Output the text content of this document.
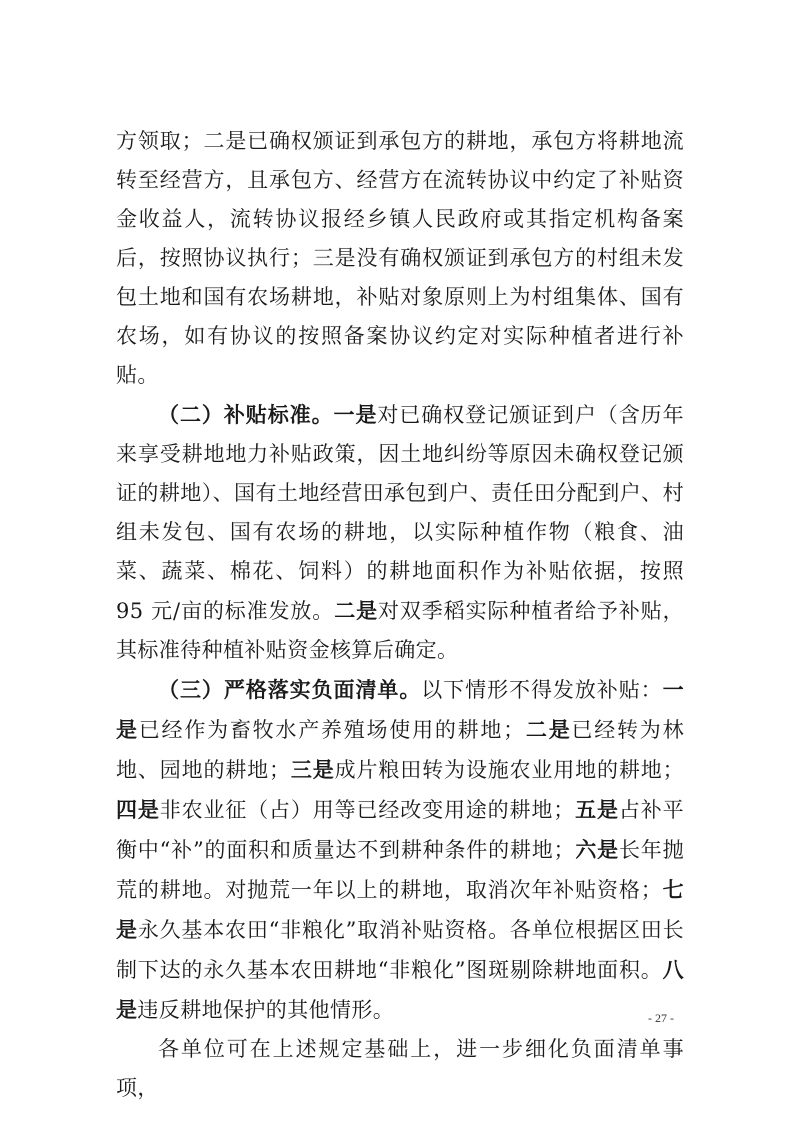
方领取；二是已确权颁证到承包方的耕地，承包方将耕地流转至经营方，且承包方、经营方在流转协议中约定了补贴资金收益人，流转协议报经乡镇人民政府或其指定机构备案后，按照协议执行；三是没有确权颁证到承包方的村组未发包土地和国有农场耕地，补贴对象原则上为村组集体、国有农场，如有协议的按照备案协议约定对实际种植者进行补贴。

（二）补贴标准。一是对已确权登记颁证到户（含历年来享受耕地地力补贴政策，因土地纠纷等原因未确权登记颁证的耕地）、国有土地经营田承包到户、责任田分配到户、村组未发包、国有农场的耕地，以实际种植作物（粮食、油菜、蔬菜、棉花、饲料）的耕地面积作为补贴依据，按照 95 元/亩的标准发放。二是对双季稻实际种植者给予补贴，其标准待种植补贴资金核算后确定。

（三）严格落实负面清单。以下情形不得发放补贴：一是已经作为畜牧水产养殖场使用的耕地；二是已经转为林地、园地的耕地；三是成片粮田转为设施农业用地的耕地；四是非农业征（占）用等已经改变用途的耕地；五是占补平衡中“补”的面积和质量达不到耕种条件的耕地；六是长年抛荒的耕地。对抛荒一年以上的耕地，取消次年补贴资格；七是永久基本农田“非粮化”取消补贴资格。各单位根据区田长制下达的永久基本农田耕地“非粮化”图斑剔除耕地面积。八是违反耕地保护的其他情形。

各单位可在上述规定基础上，进一步细化负面清单事项，

- 27 -
